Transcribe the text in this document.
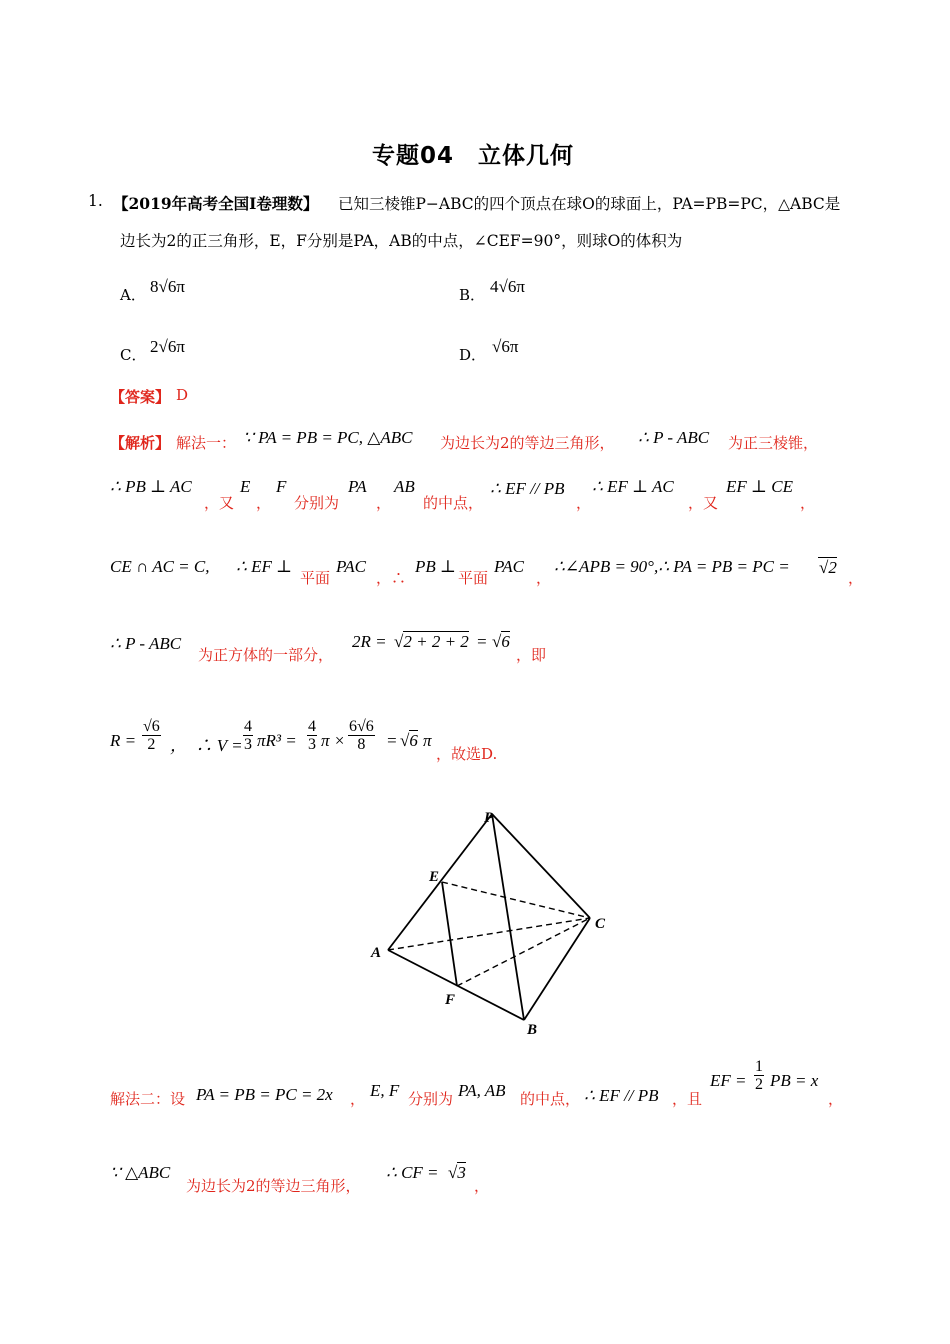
专题04　立体几何
1. 【2019年高考全国Ⅰ卷理数】 已知三棱锥P−ABC的四个顶点在球O的球面上，PA=PB=PC，△ABC是
边长为2的正三角形，E，F分别是PA，AB的中点，∠CEF=90°，则球O的体积为
A． 8√6π	B． 4√6π
C． 2√6π	D． √6π
【答案】 D
【解析】 解法一： ∵ PA = PB = PC, △ABC 为边长为2的等边三角形， ∴ P - ABC 为正三棱锥，
∴ PB ⊥ AC
，又
E
，
F
分别为
PA
，
AB
的中点，
∴ EF // PB
，
∴ EF ⊥ AC
，又
EF ⊥ CE
，
CE ∩ AC = C, ∴ EF ⊥
平面
PAC
，∴
PB ⊥
平面
PAC
，
∴∠APB = 90°,∴ PA = PB = PC = √2
，
∴ P - ABC
为正方体的一部分，
2R = √2 + 2 + 2 = √6
，即
$R = \frac{√6}{2}$ ，　∴ $V = \frac{4}{3} \pi R^3 = \frac{4}{3}$ $\pi \times \frac{6√6}{8} = √6$ π
，故选D.
P
E
A
C
F
B
解法二：设 PA = PB = PC = 2x ， E, F 分别为 PA, AB 的中点， ∴ EF // PB ，且
EF = $\frac{1}{2}$ PB = x
，
∵ △ABC
为边长为2的等边三角形，
∴ CF = √3
，
